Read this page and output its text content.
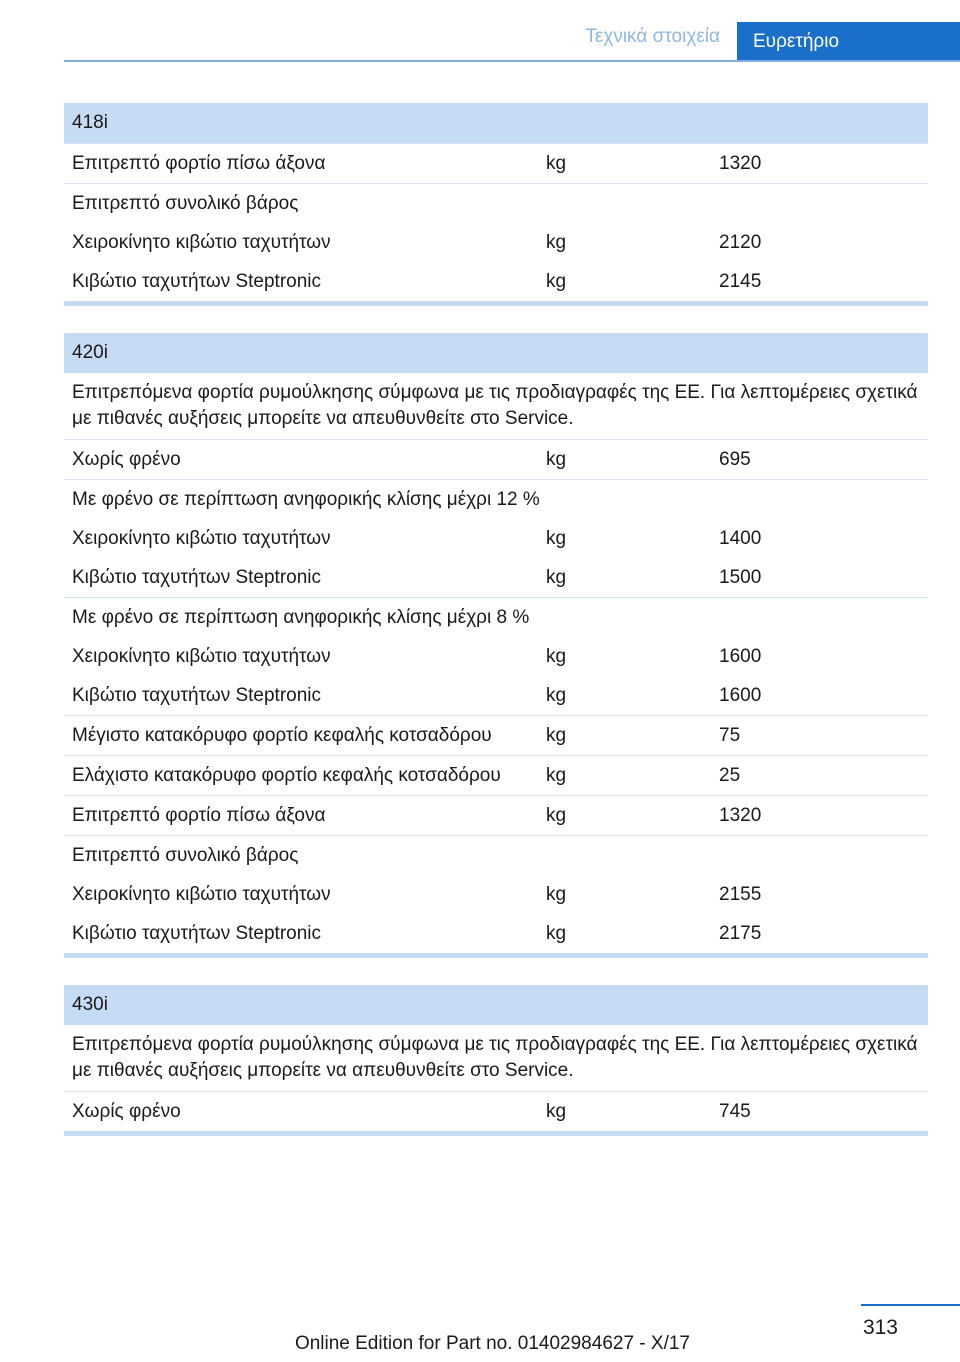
Τεχνικά στοιχεία Ευρετήριο
418i
Επιτρεπτό φορτίο πίσω άξονα	kg	1320
Επιτρεπτό συνολικό βάρος
Χειροκίνητο κιβώτιο ταχυτήτων	kg	2120
Κιβώτιο ταχυτήτων Steptronic	kg	2145
420i
Επιτρεπόμενα φορτία ρυμούλκησης σύμφωνα με τις προδιαγραφές της ΕΕ. Για λεπτομέρειες σχετικά με πιθανές αυξήσεις μπορείτε να απευθυνθείτε στο Service.
Χωρίς φρένο	kg	695
Με φρένο σε περίπτωση ανηφορικής κλίσης μέχρι 12 %
Χειροκίνητο κιβώτιο ταχυτήτων	kg	1400
Κιβώτιο ταχυτήτων Steptronic	kg	1500
Με φρένο σε περίπτωση ανηφορικής κλίσης μέχρι 8 %
Χειροκίνητο κιβώτιο ταχυτήτων	kg	1600
Κιβώτιο ταχυτήτων Steptronic	kg	1600
Μέγιστο κατακόρυφο φορτίο κεφαλής κοτσαδόρου	kg	75
Ελάχιστο κατακόρυφο φορτίο κεφαλής κοτσαδόρου	kg	25
Επιτρεπτό φορτίο πίσω άξονα	kg	1320
Επιτρεπτό συνολικό βάρος
Χειροκίνητο κιβώτιο ταχυτήτων	kg	2155
Κιβώτιο ταχυτήτων Steptronic	kg	2175
430i
Επιτρεπόμενα φορτία ρυμούλκησης σύμφωνα με τις προδιαγραφές της ΕΕ. Για λεπτομέρειες σχετικά με πιθανές αυξήσεις μπορείτε να απευθυνθείτε στο Service.
Χωρίς φρένο	kg	745
313
Online Edition for Part no. 01402984627 - X/17
